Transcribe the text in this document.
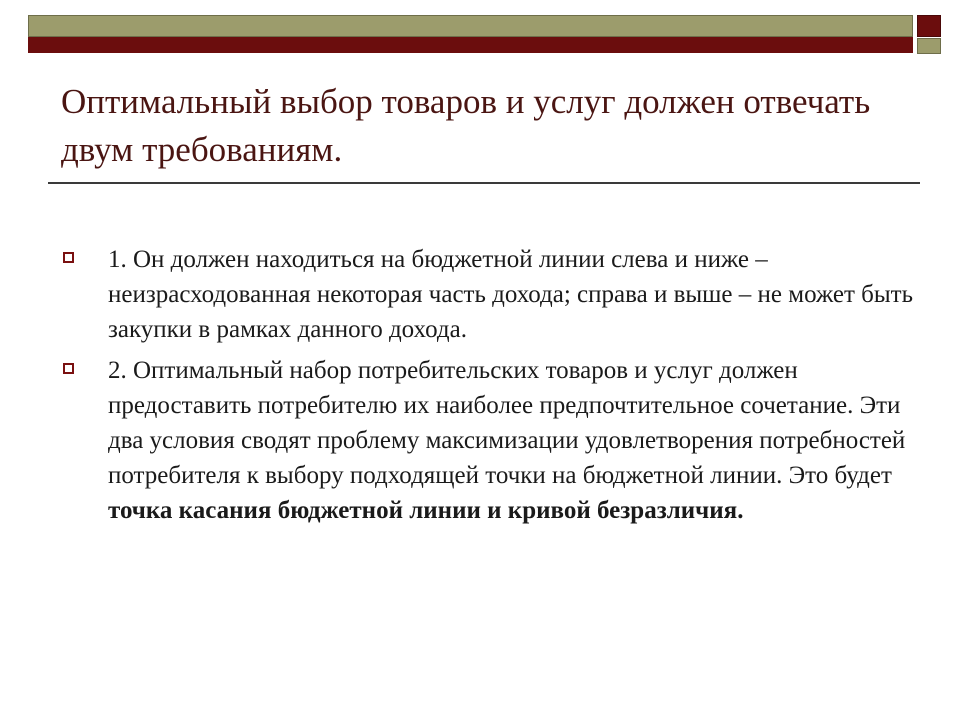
Оптимальный выбор товаров и услуг должен отвечать двум требованиям.
1. Он должен находиться на бюджетной линии слева и ниже – неизрасходованная некоторая часть дохода; справа и выше – не может быть закупки в рамках данного дохода.
2. Оптимальный набор потребительских товаров и услуг должен предоставить потребителю их наиболее предпочтительное сочетание. Эти два условия сводят проблему максимизации удовлетворения потребностей потребителя к выбору подходящей точки на бюджетной линии. Это будет точка касания бюджетной линии и кривой безразличия.
